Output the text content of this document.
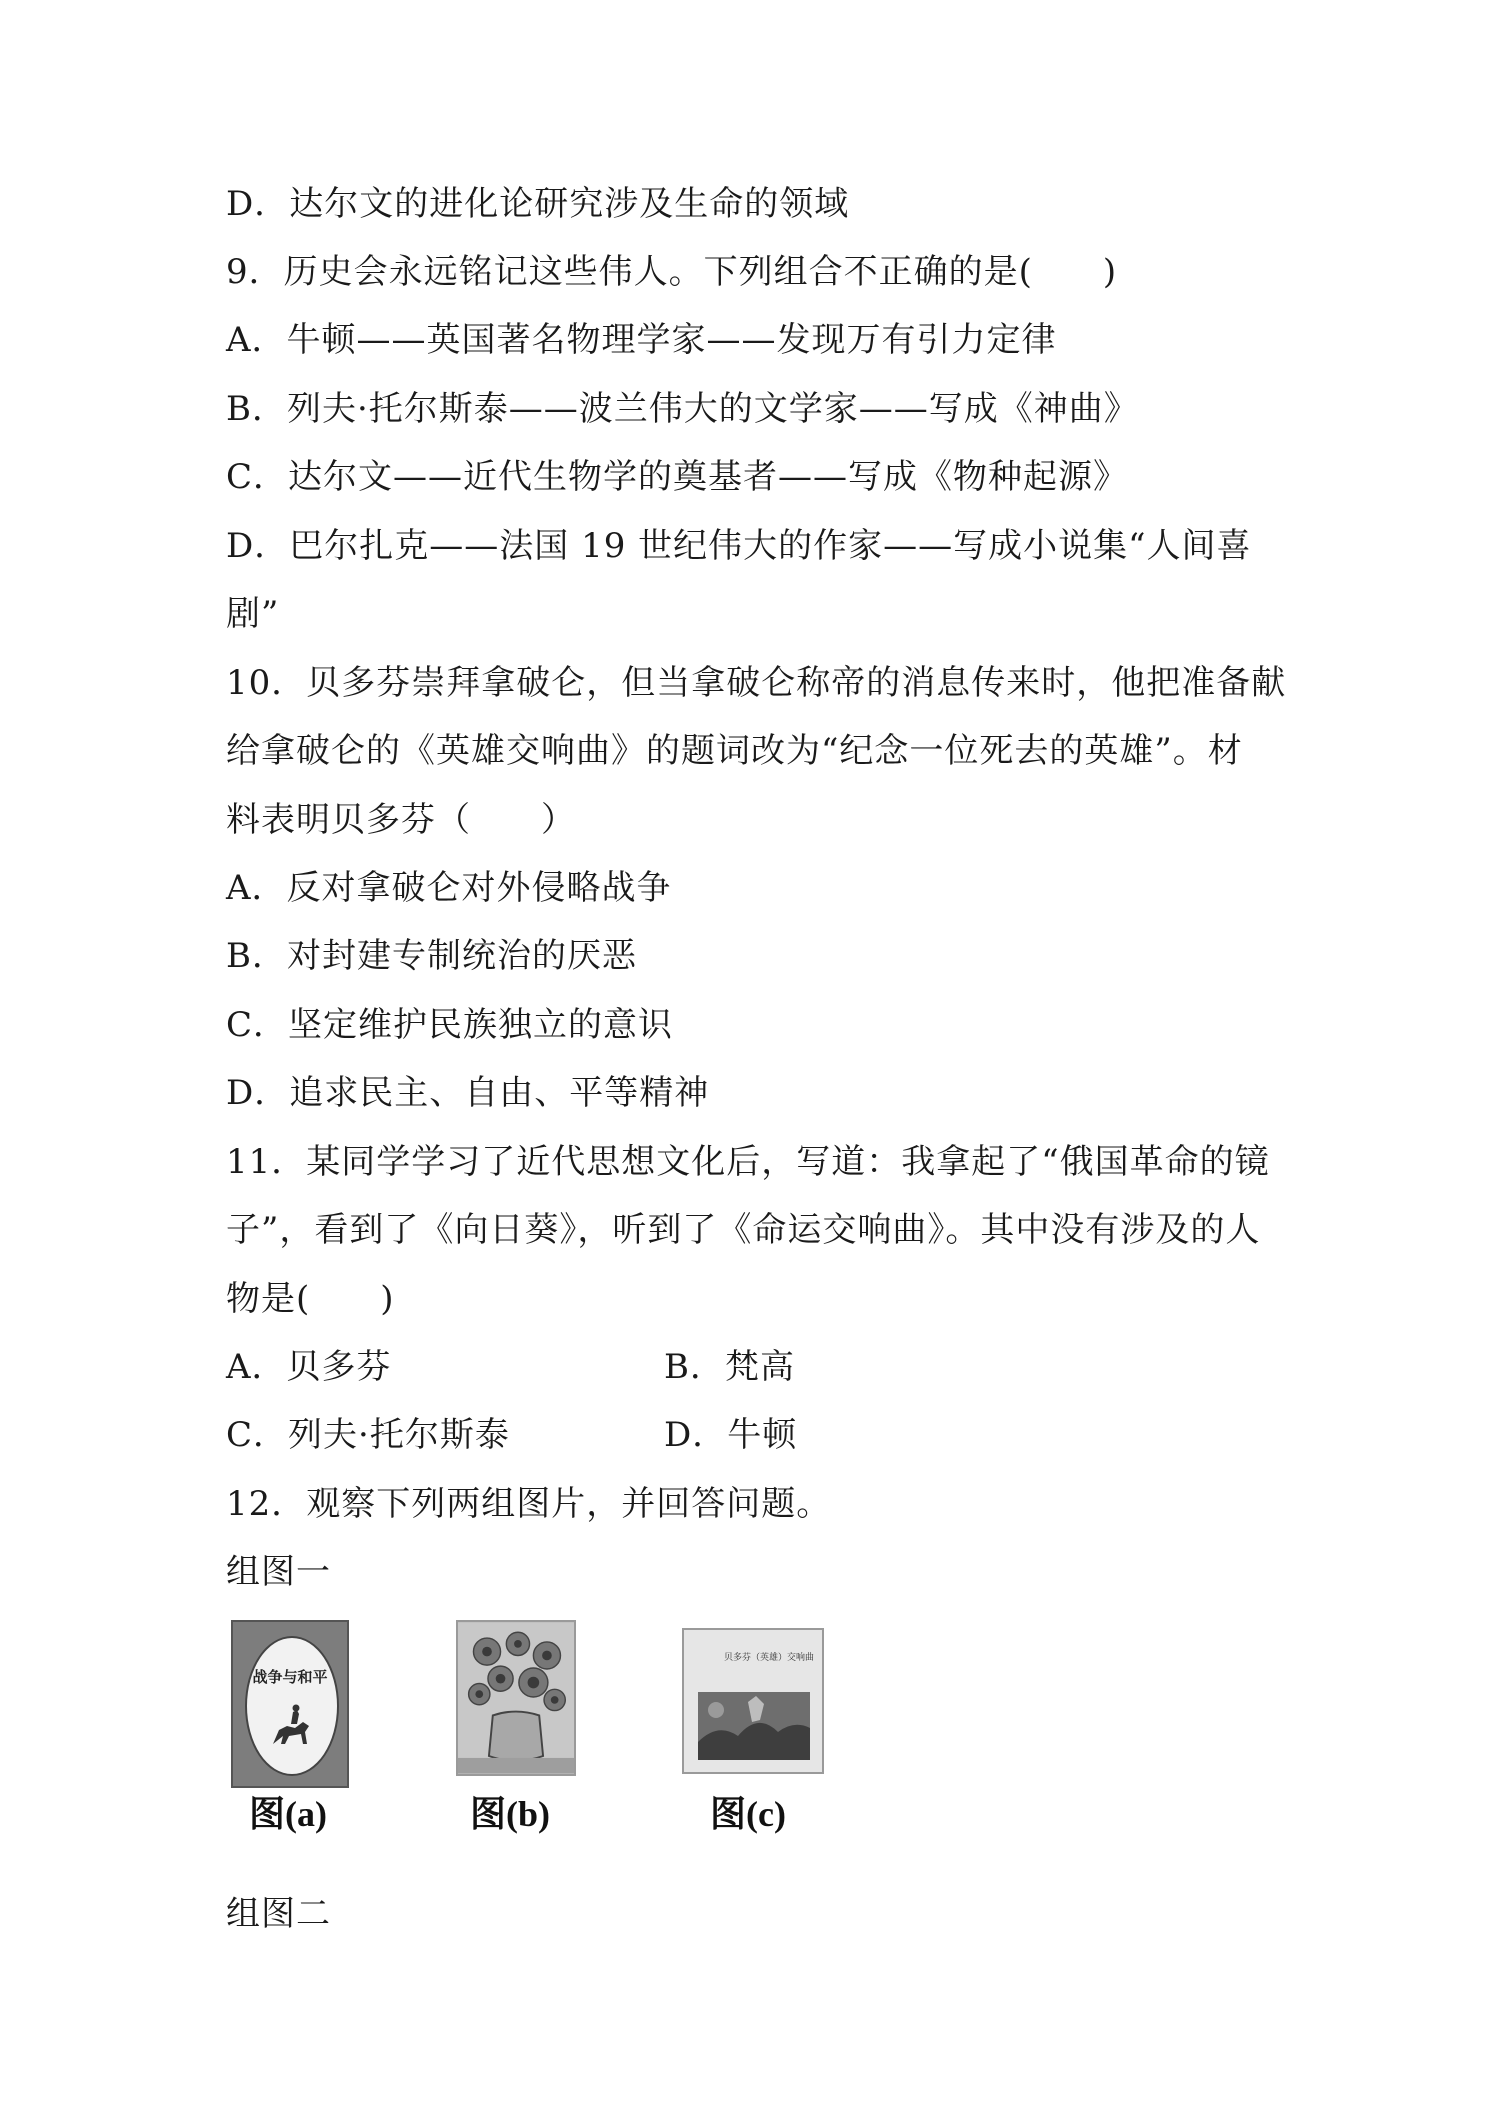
D．达尔文的进化论研究涉及生命的领域
9．历史会永远铭记这些伟人。下列组合不正确的是(　　)
A．牛顿——英国著名物理学家——发现万有引力定律
B．列夫·托尔斯泰——波兰伟大的文学家——写成《神曲》
C．达尔文——近代生物学的奠基者——写成《物种起源》
D．巴尔扎克——法国 19 世纪伟大的作家——写成小说集“人间喜
剧”
10．贝多芬崇拜拿破仑，但当拿破仑称帝的消息传来时，他把准备献
给拿破仑的《英雄交响曲》的题词改为“纪念一位死去的英雄”。材
料表明贝多芬（　　）
A．反对拿破仑对外侵略战争
B．对封建专制统治的厌恶
C．坚定维护民族独立的意识
D．追求民主、自由、平等精神
11．某同学学习了近代思想文化后，写道：我拿起了“俄国革命的镜
子”，看到了《向日葵》，听到了《命运交响曲》。其中没有涉及的人
物是(　　)
A．贝多芬	B．梵高
C．列夫·托尔斯泰	D．牛顿
12．观察下列两组图片，并回答问题。
组图一
战争与和平
图(a)	图(b)
贝多芬（英雄）交响曲
图(c)
组图二
